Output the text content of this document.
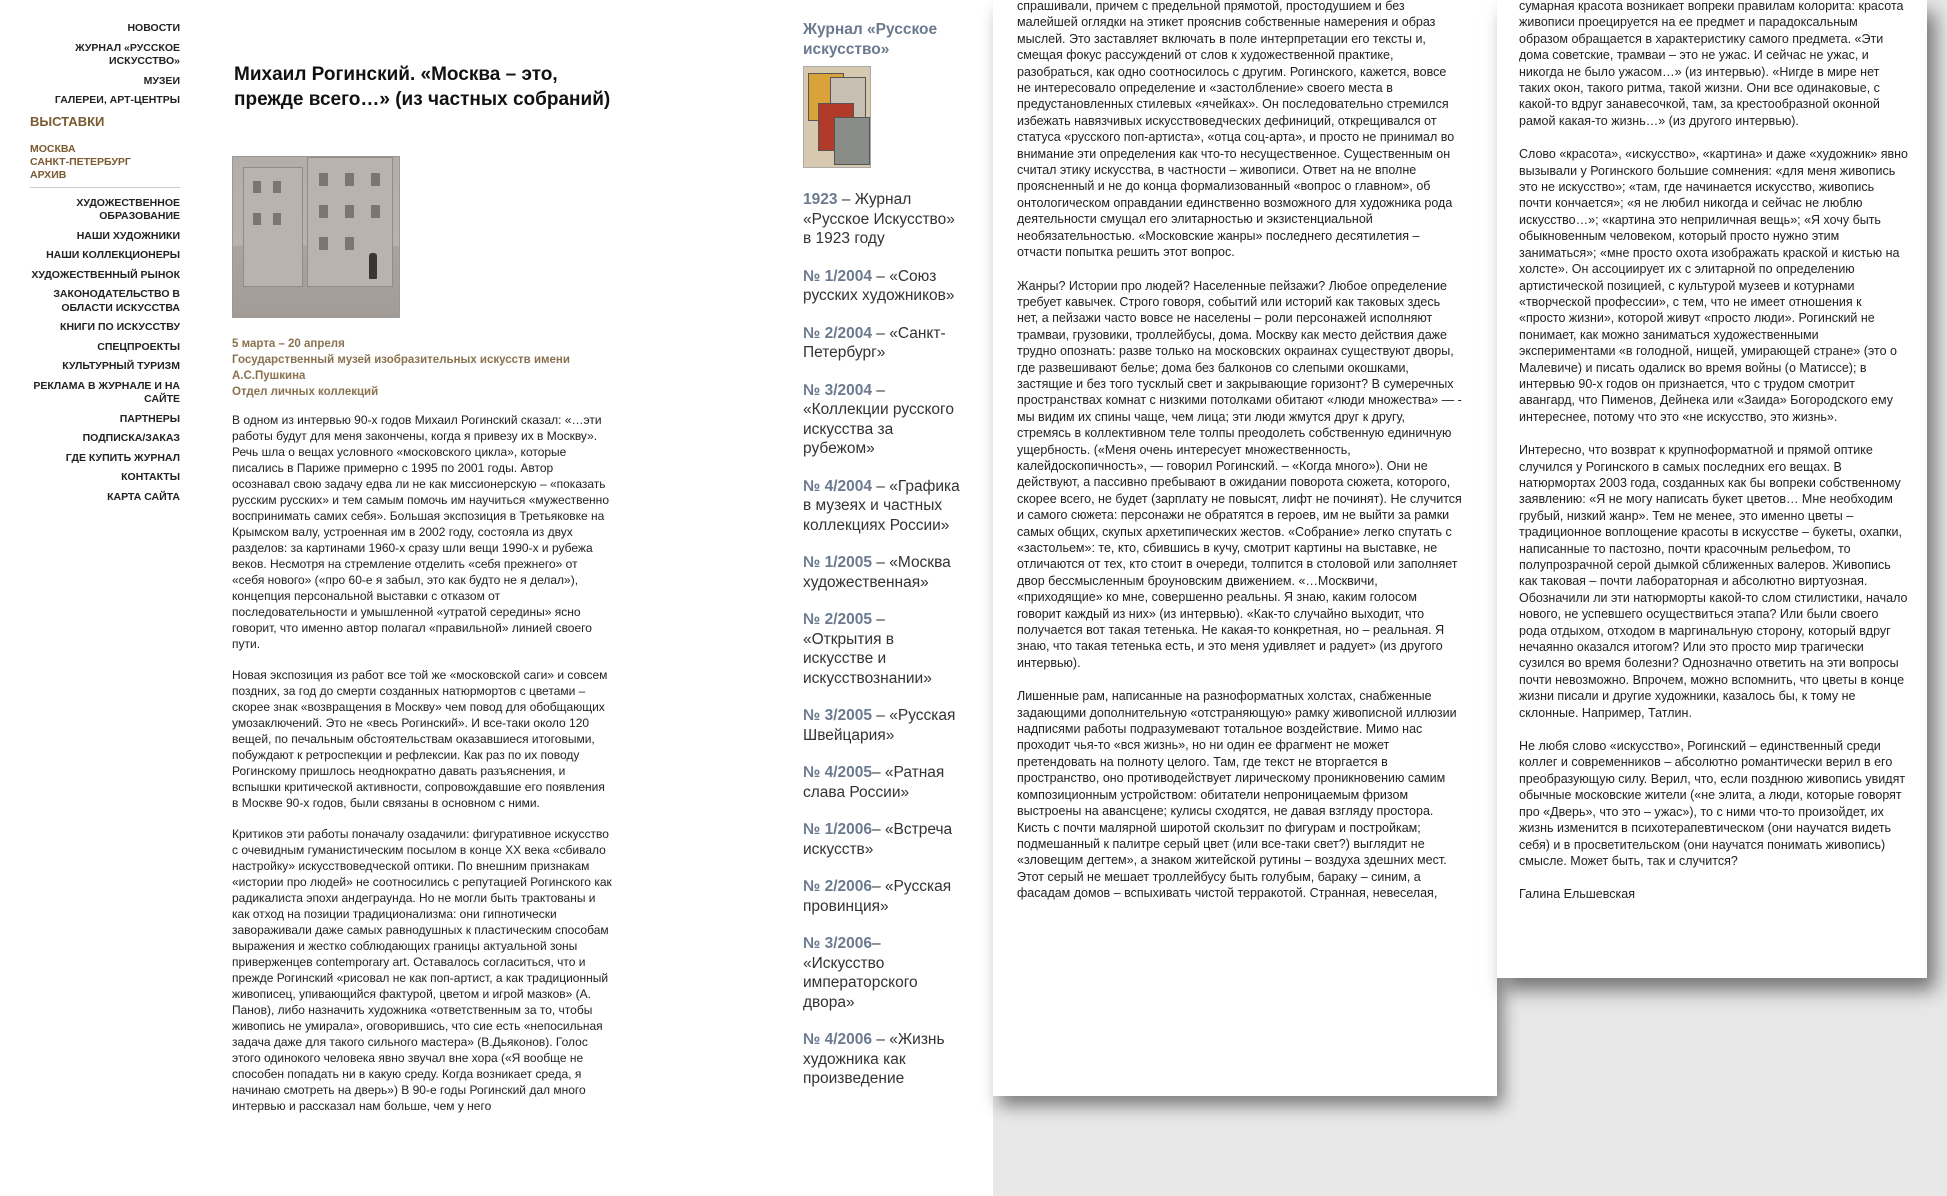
НОВОСТИ
ЖУРНАЛ «РУССКОЕ ИСКУССТВО»
МУЗЕИ
ГАЛЕРЕИ, АРТ-ЦЕНТРЫ
ВЫСТАВКИ
МОСКВА
САНКТ-ПЕТЕРБУРГ
АРХИВ
ХУДОЖЕСТВЕННОЕ ОБРАЗОВАНИЕ
НАШИ ХУДОЖНИКИ
НАШИ КОЛЛЕКЦИОНЕРЫ
ХУДОЖЕСТВЕННЫЙ РЫНОК
ЗАКОНОДАТЕЛЬСТВО В ОБЛАСТИ ИСКУССТВА
КНИГИ ПО ИСКУССТВУ
СПЕЦПРОЕКТЫ
КУЛЬТУРНЫЙ ТУРИЗМ
РЕКЛАМА В ЖУРНАЛЕ И НА САЙТЕ
ПАРТНЕРЫ
ПОДПИСКА/ЗАКАЗ
ГДЕ КУПИТЬ ЖУРНАЛ
КОНТАКТЫ
КАРТА САЙТА
Михаил Рогинский. «Москва – это, прежде всего…» (из частных собраний)
5 марта – 20 апреля
Государственный музей изобразительных искусств имени А.С.Пушкина
Отдел личных коллекций

В одном из интервью 90-х годов Михаил Рогинский сказал: «…эти работы будут для меня закончены, когда я привезу их в Москву». Речь шла о вещах условного «московского цикла», которые писались в Париже примерно с 1995 по 2001 годы. Автор осознавал свою задачу едва ли не как миссионерскую – «показать русским русских» и тем самым помочь им научиться «мужественно воспринимать самих себя». Большая экспозиция в Третьяковке на Крымском валу, устроенная им в 2002 году, состояла из двух разделов: за картинами 1960-х сразу шли вещи 1990-х и рубежа веков. Несмотря на стремление отделить «себя прежнего» от «себя нового» («про 60-е я забыл, это как будто не я делал»), концепция персональной выставки с отказом от последовательности и умышленной «утратой середины» ясно говорит, что именно автор полагал «правильной» линией своего пути.

Новая экспозиция из работ все той же «московской саги» и совсем поздних, за год до смерти созданных натюрмортов с цветами – скорее знак «возвращения в Москву» чем повод для обобщающих умозаключений. Это не «весь Рогинский». И все-таки около 120 вещей, по печальным обстоятельствам оказавшиеся итоговыми, побуждают к ретроспекции и рефлексии. Как раз по их поводу Рогинскому пришлось неоднократно давать разъяснения, и вспышки критической активности, сопровождавшие его появления в Москве 90-х годов, были связаны в основном с ними.

Критиков эти работы поначалу озадачили: фигуративное искусство с очевидным гуманистическим посылом в конце XX века «сбивало настройку» искусствоведческой оптики. По внешним признакам «истории про людей» не соотносились с репутацией Рогинского как радикалиста эпохи андеграунда. Но не могли быть трактованы и как отход на позиции традиционализма: они гипнотически завораживали даже самых равнодушных к пластическим способам выражения и жестко соблюдающих границы актуальной зоны приверженцев contemporary art. Оставалось согласиться, что и прежде Рогинский «рисовал не как поп-артист, а как традиционный живописец, упивающийся фактурой, цветом и игрой мазков» (А. Панов), либо назначить художника «ответственным за то, чтобы живопись не умирала», оговорившись, что сие есть «непосильная задача даже для такого сильного мастера» (В.Дьяконов). Голос этого одинокого человека явно звучал вне хора («Я вообще не способен попадать ни в какую среду. Когда возникает среда, я начинаю смотреть на дверь») В 90-е годы Рогинский дал много интервью и рассказал нам больше, чем у него

Журнал «Русское искусство»
1923 – Журнал «Русское Искусство» в 1923 году
№ 1/2004 – «Союз русских художников»
№ 2/2004 – «Санкт-Петербург»
№ 3/2004 – «Коллекции русского искусства за рубежом»
№ 4/2004 – «Графика в музеях и частных коллекциях России»
№ 1/2005 – «Москва художественная»
№ 2/2005 – «Открытия в искусстве и искусствознании»
№ 3/2005 – «Русская Швейцария»
№ 4/2005– «Ратная слава России»
№ 1/2006– «Встреча искусств»
№ 2/2006– «Русская провинция»
№ 3/2006– «Искусство императорского двора»
№ 4/2006 – «Жизнь художника как произведение

спрашивали, причем с предельной прямотой, простодушием и без малейшей оглядки на этикет прояснив собственные намерения и образ мыслей. Это заставляет включать в поле интерпретации его тексты и, смещая фокус рассуждений от слов к художественной практике, разобраться, как одно соотносилось с другим. Рогинского, кажется, вовсе не интересовало определение и «застолбление» своего места в предустановленных стилевых «ячейках». Он последовательно стремился избежать навязчивых искусствоведческих дефиниций, открещивался от статуса «русского поп-артиста», «отца соц-арта», и просто не принимал во внимание эти определения как что-то несущественное. Существенным он считал этику искусства, в частности – живописи. Ответ на не вполне проясненный и не до конца формализованный «вопрос о главном», об онтологическом оправдании единственно возможного для художника рода деятельности смущал его элитарностью и экзистенциальной необязательностью. «Московские жанры» последнего десятилетия – отчасти попытка решить этот вопрос.

Жанры? Истории про людей? Населенные пейзажи? Любое определение требует кавычек. Строго говоря, событий или историй как таковых здесь нет, а пейзажи часто вовсе не населены – роли персонажей исполняют трамваи, грузовики, троллейбусы, дома. Москву как место действия даже трудно опознать: разве только на московских окраинах существуют дворы, где развешивают белье; дома без балконов со слепыми окошками, застящие и без того тусклый свет и закрывающие горизонт? В сумеречных пространствах комнат с низкими потолками обитают «люди множества» — - мы видим их спины чаще, чем лица; эти люди жмутся друг к другу, стремясь в коллективном теле толпы преодолеть собственную единичную ущербность. («Меня очень интересует множественность, калейдоскопичность», — говорил Рогинский. – «Когда много»). Они не действуют, а пассивно пребывают в ожидании поворота сюжета, которого, скорее всего, не будет (зарплату не повысят, лифт не починят). Не случится и самого сюжета: персонажи не обратятся в героев, им не выйти за рамки самых общих, скупых архетипических жестов. «Собрание» легко спутать с «застольем»: те, кто, сбившись в кучу, смотрит картины на выставке, не отличаются от тех, кто стоит в очереди, толпится в столовой или заполняет двор бессмысленным броуновским движением. «…Москвичи, «приходящие» ко мне, совершенно реальны. Я знаю, каким голосом говорит каждый из них» (из интервью). «Как-то случайно выходит, что получается вот такая тетенька. Не какая-то конкретная, но – реальная. Я знаю, что такая тетенька есть, и это меня удивляет и радует» (из другого интервью).

Лишенные рам, написанные на разноформатных холстах, снабженные задающими дополнительную «отстраняющую» рамку живописной иллюзии надписями работы подразумевают тотальное воздействие. Мимо нас проходит чья-то «вся жизнь», но ни один ее фрагмент не может претендовать на полноту целого. Там, где текст не вторгается в пространство, оно противодействует лирическому проникновению самим композиционным устройством: обитатели непроницаемым фризом выстроены на авансцене; кулисы сходятся, не давая взгляду простора. Кисть с почти малярной широтой скользит по фигурам и постройкам; подмешанный к палитре серый цвет (или все-таки свет?) выглядит не «зловещим дегтем», а знаком житейской рутины – воздуха здешних мест. Этот серый не мешает троллейбусу быть голубым, бараку – синим, а фасадам домов – вспыхивать чистой терракотой. Странная, невеселая,

сумарная красота возникает вопреки правилам колорита: красота живописи проецируется на ее предмет и парадоксальным образом обращается в характеристику самого предмета. «Эти дома советские, трамваи – это не ужас. И сейчас не ужас, и никогда не было ужасом…» (из интервью). «Нигде в мире нет таких окон, такого ритма, такой жизни. Они все одинаковые, с какой-то вдруг занавесочкой, там, за крестообразной оконной рамой какая-то жизнь…» (из другого интервью).

Слово «красота», «искусство», «картина» и даже «художник» явно вызывали у Рогинского большие сомнения: «для меня живопись это не искусство»; «там, где начинается искусство, живопись почти кончается»; «я не любил никогда и сейчас не люблю искусство…»; «картина это неприличная вещь»; «Я хочу быть обыкновенным человеком, который просто нужно этим заниматься»; «мне просто охота изображать краской и кистью на холсте». Он ассоциирует их с элитарной по определению артистической позицией, с культурой музеев и котурнами «творческой профессии», с тем, что не имеет отношения к «просто жизни», которой живут «просто люди». Рогинский не понимает, как можно заниматься художественными экспериментами «в голодной, нищей, умирающей стране» (это о Малевиче) и писать одалиск во время войны (о Матиссе); в интервью 90-х годов он признается, что с трудом смотрит авангард, что Пименов, Дейнека или «Заида» Богородского ему интереснее, потому что это «не искусство, это жизнь».

Интересно, что возврат к крупноформатной и прямой оптике случился у Рогинского в самых последних его вещах. В натюрмортах 2003 года, созданных как бы вопреки собственному заявлению: «Я не могу написать букет цветов… Мне необходим грубый, низкий жанр». Тем не менее, это именно цветы – традиционное воплощение красоты в искусстве – букеты, охапки, написанные то пастозно, почти красочным рельефом, то полупрозрачной серой дымкой сближенных валеров. Живопись как таковая – почти лабораторная и абсолютно виртуозная. Обозначили ли эти натюрморты какой-то слом стилистики, начало нового, не успевшего осуществиться этапа? Или были своего рода отдыхом, отходом в маргинальную сторону, который вдруг нечаянно оказался итогом? Или это просто мир трагически сузился во время болезни? Однозначно ответить на эти вопросы почти невозможно. Впрочем, можно вспомнить, что цветы в конце жизни писали и другие художники, казалось бы, к тому не склонные. Например, Татлин.

Не любя слово «искусство», Рогинский – единственный среди коллег и современников – абсолютно романтически верил в его преобразующую силу. Верил, что, если позднюю живопись увидят обычные московские жители («не элита, а люди, которые говорят про «Дверь», что это – ужас»), то с ними что-то произойдет, их жизнь изменится в психотерапевтическом (они научатся видеть себя) и в просветительском (они научатся понимать живопись) смысле. Может быть, так и случится?

Галина Ельшевская
